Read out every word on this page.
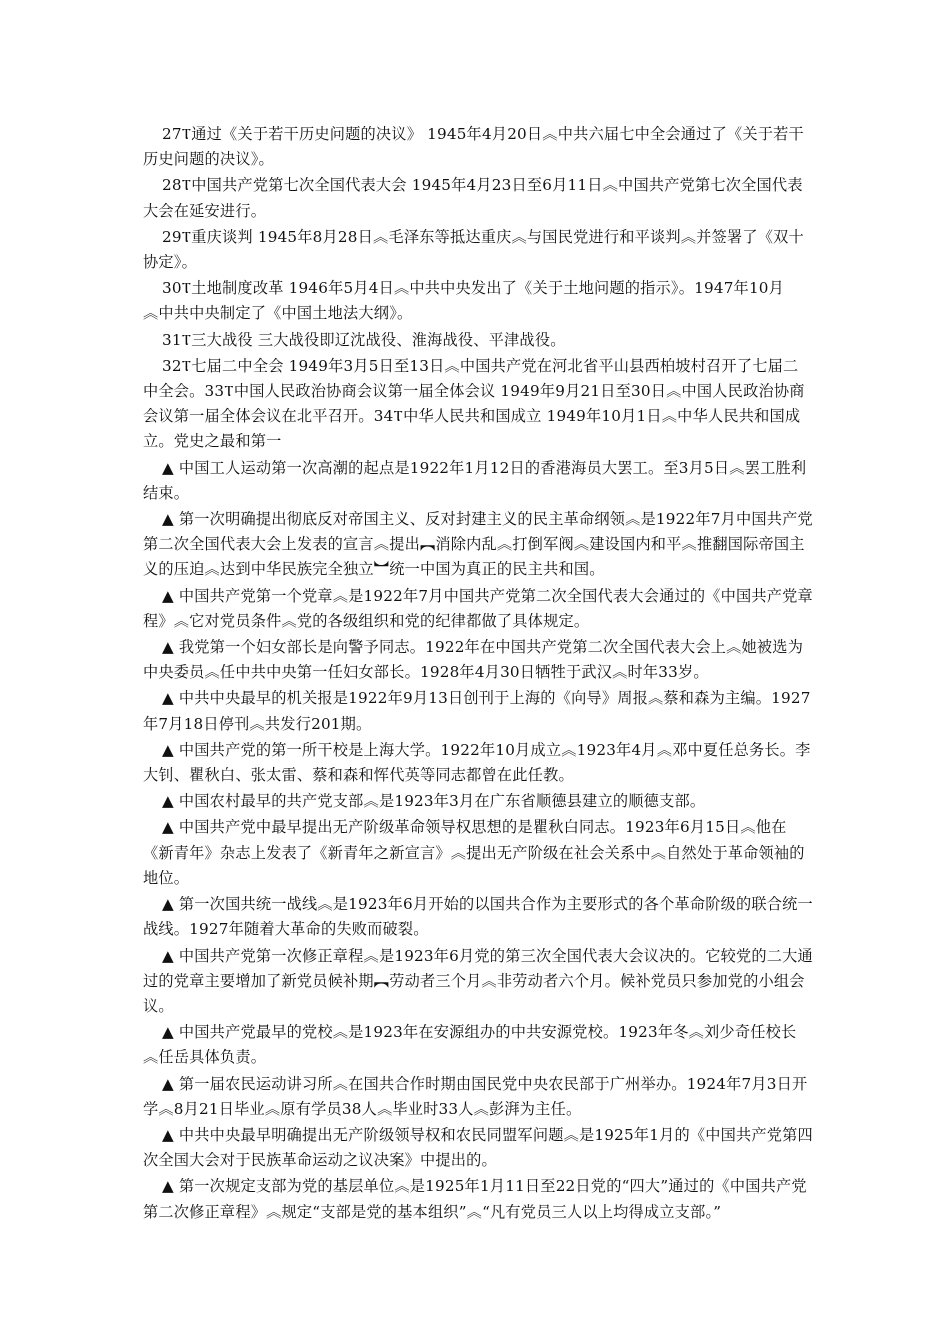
27Ⲧ通过《关于若干历史问题的决议》 1945年4月20日︽中共六届七中全会通过了《关于若干历史问题的决议》。

28Ⲧ中国共产党第七次全国代表大会 1945年4月23日至6月11日︽中国共产党第七次全国代表大会在延安进行。

29Ⲧ重庆谈判 1945年8月28日︽毛泽东等抵达重庆︽与国民党进行和平谈判︽并签署了《双十协定》。

30Ⲧ土地制度改革 1946年5月4日︽中共中央发出了《关于土地问题的指示》。1947年10月︽中共中央制定了《中国土地法大纲》。

31Ⲧ三大战役 三大战役即辽沈战役、淮海战役、平津战役。

32Ⲧ七届二中全会 1949年3月5日至13日︽中国共产党在河北省平山县西柏坡村召开了七届二中全会。33Ⲧ中国人民政治协商会议第一届全体会议 1949年9月21日至30日︽中国人民政治协商会议第一届全体会议在北平召开。34Ⲧ中华人民共和国成立 1949年10月1日︽中华人民共和国成立。党史之最和第一

▲ 中国工人运动第一次高潮的起点是1922年1月12日的香港海员大罢工。至3月5日︽罢工胜利结束。

▲ 第一次明确提出彻底反对帝国主义、反对封建主义的民主革命纲领︽是1922年7月中国共产党第二次全国代表大会上发表的宣言︽提出︻消除内乱︽打倒军阀︽建设国内和平︽推翻国际帝国主义的压迫︽达到中华民族完全独立︼统一中国为真正的民主共和国。

▲ 中国共产党第一个党章︽是1922年7月中国共产党第二次全国代表大会通过的《中国共产党章程》︽它对党员条件︽党的各级组织和党的纪律都做了具体规定。

▲ 我党第一个妇女部长是向警予同志。1922年在中国共产党第二次全国代表大会上︽她被选为中央委员︽任中共中央第一任妇女部长。1928年4月30日牺牲于武汉︽时年33岁。

▲ 中共中央最早的机关报是1922年9月13日创刊于上海的《向导》周报︽蔡和森为主编。1927年7月18日停刊︽共发行201期。

▲ 中国共产党的第一所干校是上海大学。1922年10月成立︽1923年4月︽邓中夏任总务长。李大钊、瞿秋白、张太雷、蔡和森和恽代英等同志都曾在此任教。

▲ 中国农村最早的共产党支部︽是1923年3月在广东省顺德县建立的顺德支部。

▲ 中国共产党中最早提出无产阶级革命领导权思想的是瞿秋白同志。1923年6月15日︽他在《新青年》杂志上发表了《新青年之新宣言》︽提出无产阶级在社会关系中︽自然处于革命领袖的地位。

▲ 第一次国共统一战线︽是1923年6月开始的以国共合作为主要形式的各个革命阶级的联合统一战线。1927年随着大革命的失败而破裂。

▲ 中国共产党第一次修正章程︽是1923年6月党的第三次全国代表大会议决的。它较党的二大通过的党章主要增加了新党员候补期︻劳动者三个月︽非劳动者六个月。候补党员只参加党的小组会议。

▲ 中国共产党最早的党校︽是1923年在安源组办的中共安源党校。1923年冬︽刘少奇任校长︽任岳具体负责。

▲ 第一届农民运动讲习所︽在国共合作时期由国民党中央农民部于广州举办。1924年7月3日开学︽8月21日毕业︽原有学员38人︽毕业时33人︽彭湃为主任。

▲ 中共中央最早明确提出无产阶级领导权和农民同盟军问题︽是1925年1月的《中国共产党第四次全国大会对于民族革命运动之议决案》中提出的。

▲ 第一次规定支部为党的基层单位︽是1925年1月11日至22日党的“四大”通过的《中国共产党第二次修正章程》︽规定“支部是党的基本组织”︽“凡有党员三人以上均得成立支部。”
